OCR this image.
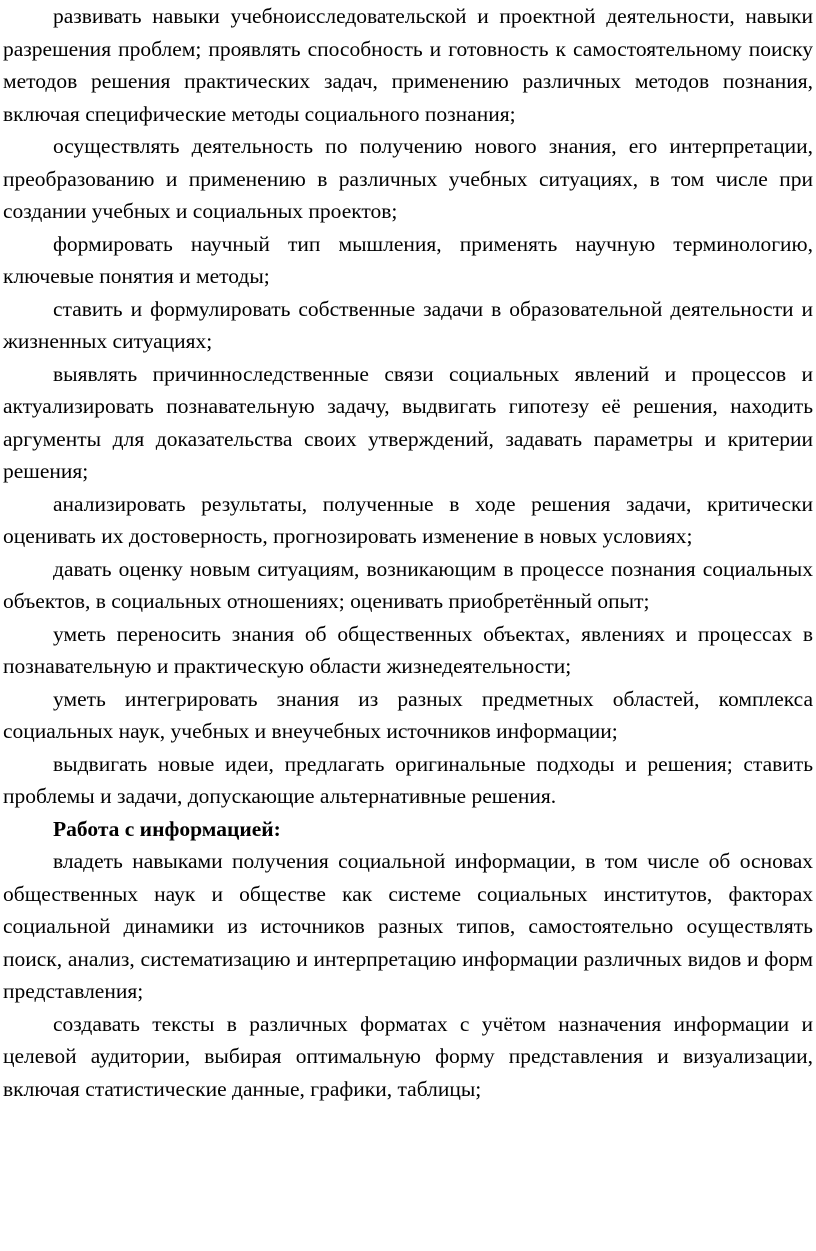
развивать навыки учебноисследовательской и проектной деятельности, навыки разрешения проблем; проявлять способность и готовность к самостоятельному поиску методов решения практических задач, применению различных методов познания, включая специфические методы социального познания;

осуществлять деятельность по получению нового знания, его интерпретации, преобразованию и применению в различных учебных ситуациях, в том числе при создании учебных и социальных проектов;

формировать научный тип мышления, применять научную терминологию, ключевые понятия и методы;

ставить и формулировать собственные задачи в образовательной деятельности и жизненных ситуациях;

выявлять причинноследственные связи социальных явлений и процессов и актуализировать познавательную задачу, выдвигать гипотезу её решения, находить аргументы для доказательства своих утверждений, задавать параметры и критерии решения;

анализировать результаты, полученные в ходе решения задачи, критически оценивать их достоверность, прогнозировать изменение в новых условиях;

давать оценку новым ситуациям, возникающим в процессе познания социальных объектов, в социальных отношениях; оценивать приобретённый опыт;

уметь переносить знания об общественных объектах, явлениях и процессах в познавательную и практическую области жизнедеятельности;

уметь интегрировать знания из разных предметных областей, комплекса социальных наук, учебных и внеучебных источников информации;

выдвигать новые идеи, предлагать оригинальные подходы и решения; ставить проблемы и задачи, допускающие альтернативные решения.

Работа с информацией:

владеть навыками получения социальной информации, в том числе об основах общественных наук и обществе как системе социальных институтов, факторах социальной динамики из источников разных типов, самостоятельно осуществлять поиск, анализ, систематизацию и интерпретацию информации различных видов и форм представления;

создавать тексты в различных форматах с учётом назначения информации и целевой аудитории, выбирая оптимальную форму представления и визуализации, включая статистические данные, графики, таблицы;
